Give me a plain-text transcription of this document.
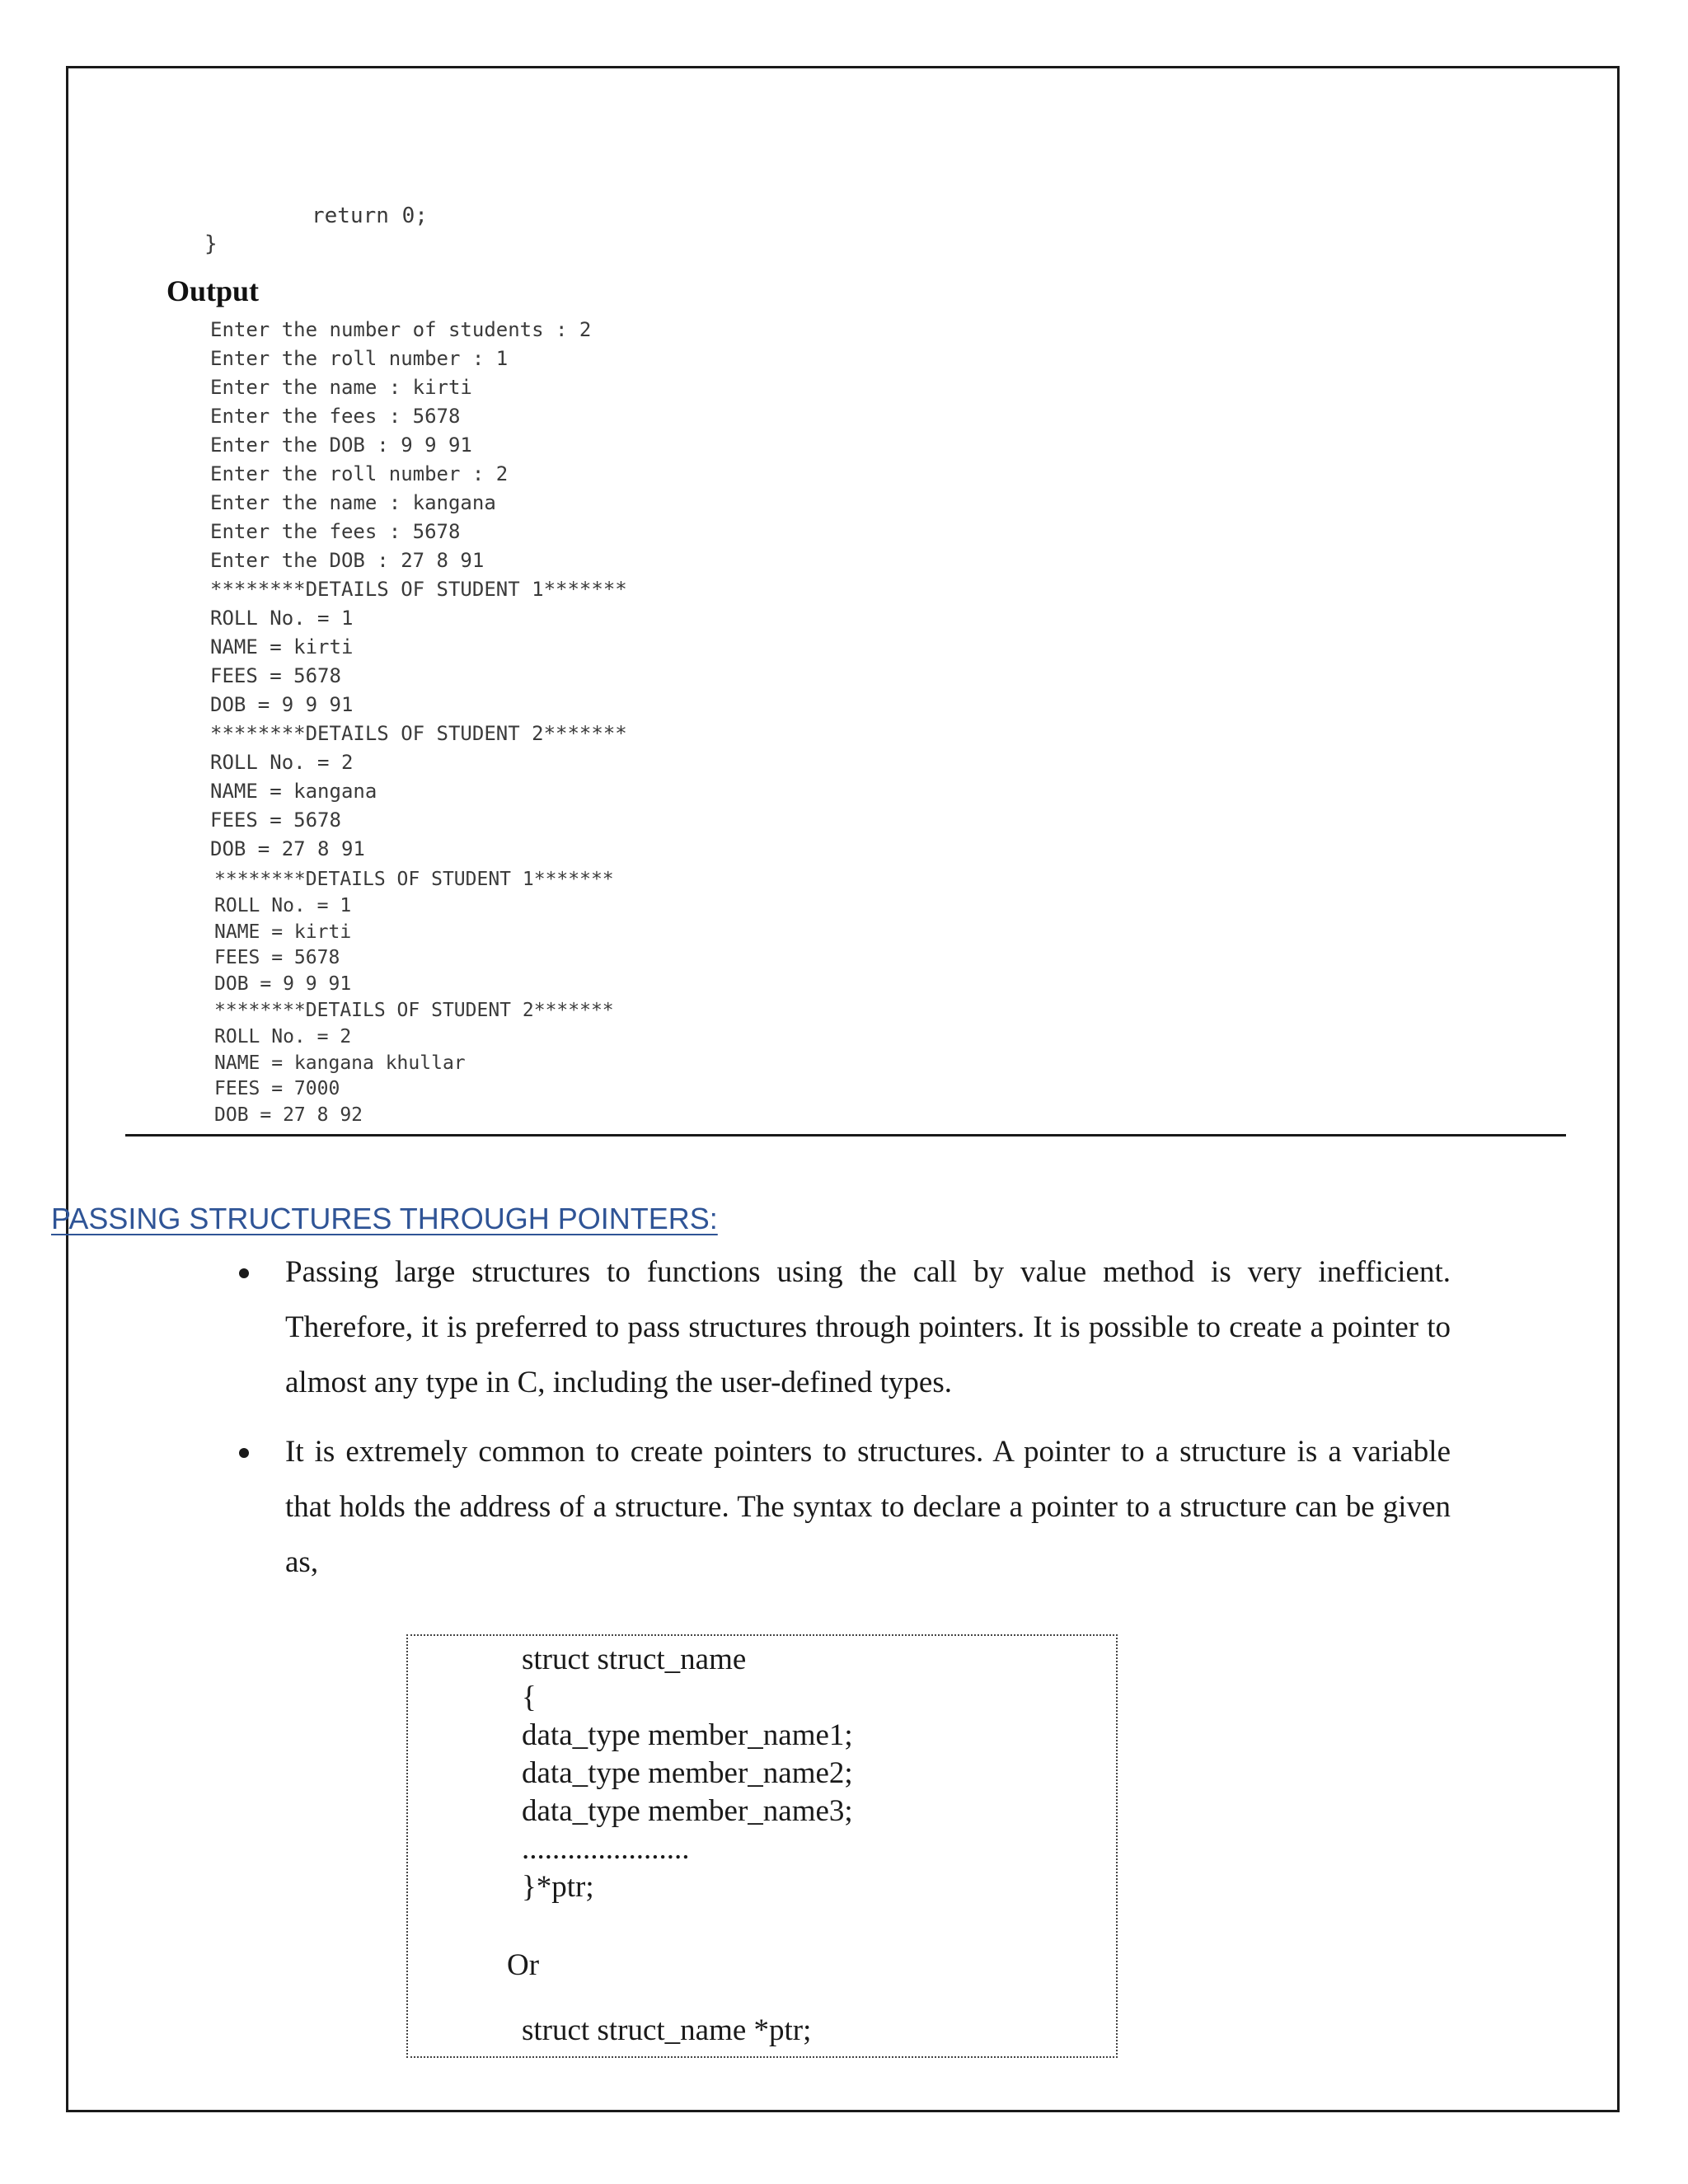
return 0;
}
Output
Enter the number of students : 2
Enter the roll number : 1
Enter the name : kirti
Enter the fees : 5678
Enter the DOB : 9 9 91
Enter the roll number : 2
Enter the name : kangana
Enter the fees : 5678
Enter the DOB : 27 8 91
********DETAILS OF STUDENT 1*******
ROLL No. = 1
NAME = kirti
FEES = 5678
DOB = 9 9 91
********DETAILS OF STUDENT 2*******
ROLL No. = 2
NAME = kangana
FEES = 5678
DOB = 27 8 91
********DETAILS OF STUDENT 1*******
ROLL No. = 1
NAME = kirti
FEES = 5678
DOB = 9 9 91
********DETAILS OF STUDENT 2*******
ROLL No. = 2
NAME = kangana khullar
FEES = 7000
DOB = 27 8 92
PASSING STRUCTURES THROUGH POINTERS:
Passing large structures to functions using the call by value method is very inefficient. Therefore, it is preferred to pass structures through pointers. It is possible to create a pointer to almost any type in C, including the user-defined types.
It is extremely common to create pointers to structures. A pointer to a structure is a variable that holds the address of a structure. The syntax to declare a pointer to a structure can be given as,
struct struct_name
{
data_type member_name1;
data_type member_name2;
data_type member_name3;
......................
}*ptr;
Or
struct struct_name *ptr;
